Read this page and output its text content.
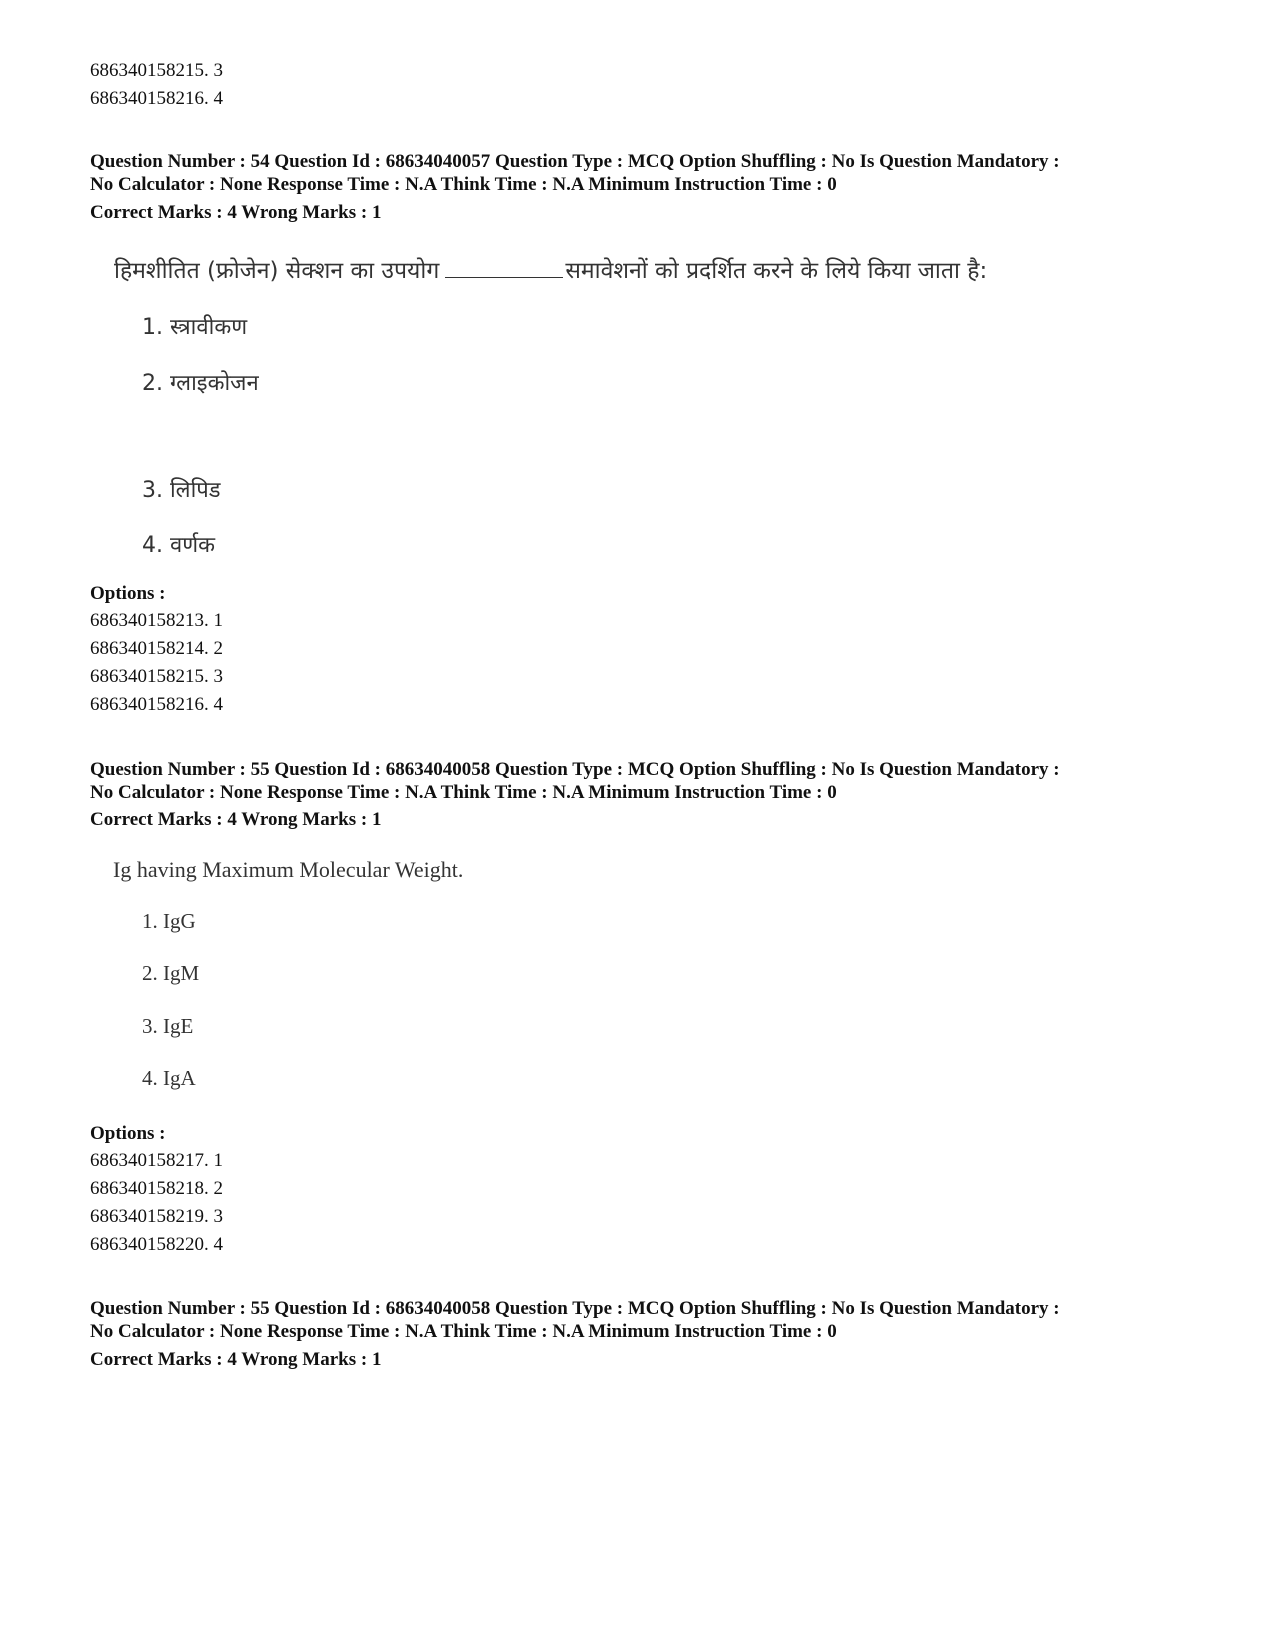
686340158215. 3
686340158216. 4
Question Number : 54 Question Id : 68634040057 Question Type : MCQ Option Shuffling : No Is Question Mandatory :
No Calculator : None Response Time : N.A Think Time : N.A Minimum Instruction Time : 0
Correct Marks : 4 Wrong Marks : 1
हिमशीतित (फ्रोजेन) सेक्शन का उपयोग	समावेशनों को प्रदर्शित करने के लिये किया जाता है:
1. स्त्रावीकण
2. ग्लाइकोजन
3. लिपिड
4. वर्णक
Options :
686340158213. 1
686340158214. 2
686340158215. 3
686340158216. 4
Question Number : 55 Question Id : 68634040058 Question Type : MCQ Option Shuffling : No Is Question Mandatory :
No Calculator : None Response Time : N.A Think Time : N.A Minimum Instruction Time : 0
Correct Marks : 4 Wrong Marks : 1
Ig having Maximum Molecular Weight.
1. IgG
2. IgM
3. IgE
4. IgA
Options :
686340158217. 1
686340158218. 2
686340158219. 3
686340158220. 4
Question Number : 55 Question Id : 68634040058 Question Type : MCQ Option Shuffling : No Is Question Mandatory :
No Calculator : None Response Time : N.A Think Time : N.A Minimum Instruction Time : 0
Correct Marks : 4 Wrong Marks : 1
